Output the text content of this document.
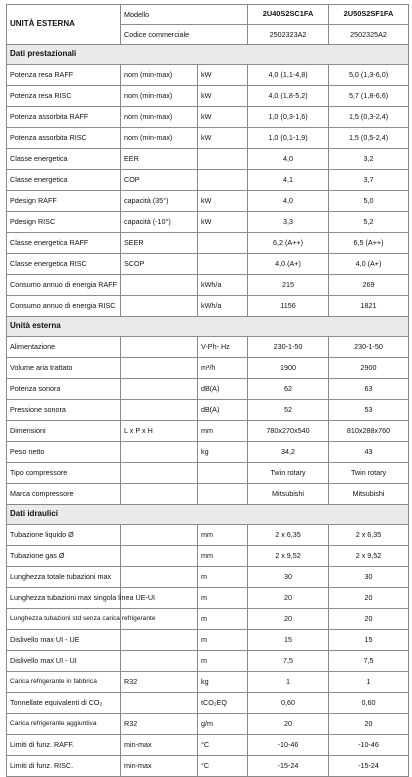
UNITÀ ESTERNA	Modello		2U40S2SC1FA	2U50S2SF1FA
	Codice commerciale		2502323A2	2502325A2
Dati prestazionali				
Potenza resa RAFF	nom (min-max)	kW	4,0 (1,1-4,8)	5,0 (1,3-6,0)
Potenza resa RISC	nom (min-max)	kW	4,0 (1,8-5,2)	5,7 (1,8-6,6)
Potenza assorbita RAFF	nom (min-max)	kW	1,0 (0,3-1,6)	1,5 (0,3-2,4)
Potenza assorbita RISC	nom (min-max)	kW	1,0 (0,1-1,9)	1,5 (0,5-2,4)
Classe energetica	EER		4,0	3,2
Classe energetica	COP		4,1	3,7
Pdesign RAFF	capacità (35°)	kW	4,0	5,0
Pdesign RISC	capacità (-10°)	kW	3,3	5,2
Classe energetica RAFF	SEER		6,2 (A++)	6,5 (A++)
Classe energetica RISC	SCOP		4,0 (A+)	4,0 (A+)
Consumo annuo di energia RAFF		kWh/a	215	269
Consumo annuo di energia RISC		kWh/a	1156	1821
Unità esterna				
Alimentazione		V-Ph- Hz	230-1-50	230-1-50
Volume aria trattato		m³/h	1900	2900
Potenza sonora		dB(A)	62	63
Pressione sonora		dB(A)	52	53
Dimensioni	L x P x H	mm	780x270x540	810x288x760
Peso netto		kg	34,2	43
Tipo compressore			Twin rotary	Twin rotary
Marca compressore			Mitsubishi	Mitsubishi
Dati idraulici				
Tubazione liquido Ø		mm	2 x 6,35	2 x 6,35
Tubazione gas Ø		mm	2 x 9,52	2 x 9,52
Lunghezza totale tubazioni max		m	30	30
Lunghezza tubazioni max singola linea UE-UI		m	20	20
Lunghezza tubazioni std senza carica refrigerante		m	20	20
Dislivello max UI - UE		m	15	15
Dislivello max UI - UI		m	7,5	7,5
Carica refrigerante in fabbrica	R32	kg	1	1
Tonnellate equivalenti di CO₂		tCO₂EQ	0,60	0,60
Carica refrigerante aggiuntiva	R32	g/m	20	20
Limiti di funz. RAFF.	min-max	°C	-10-46	-10-46
Limiti di funz. RISC.	min-max	°C	-15-24	-15-24
